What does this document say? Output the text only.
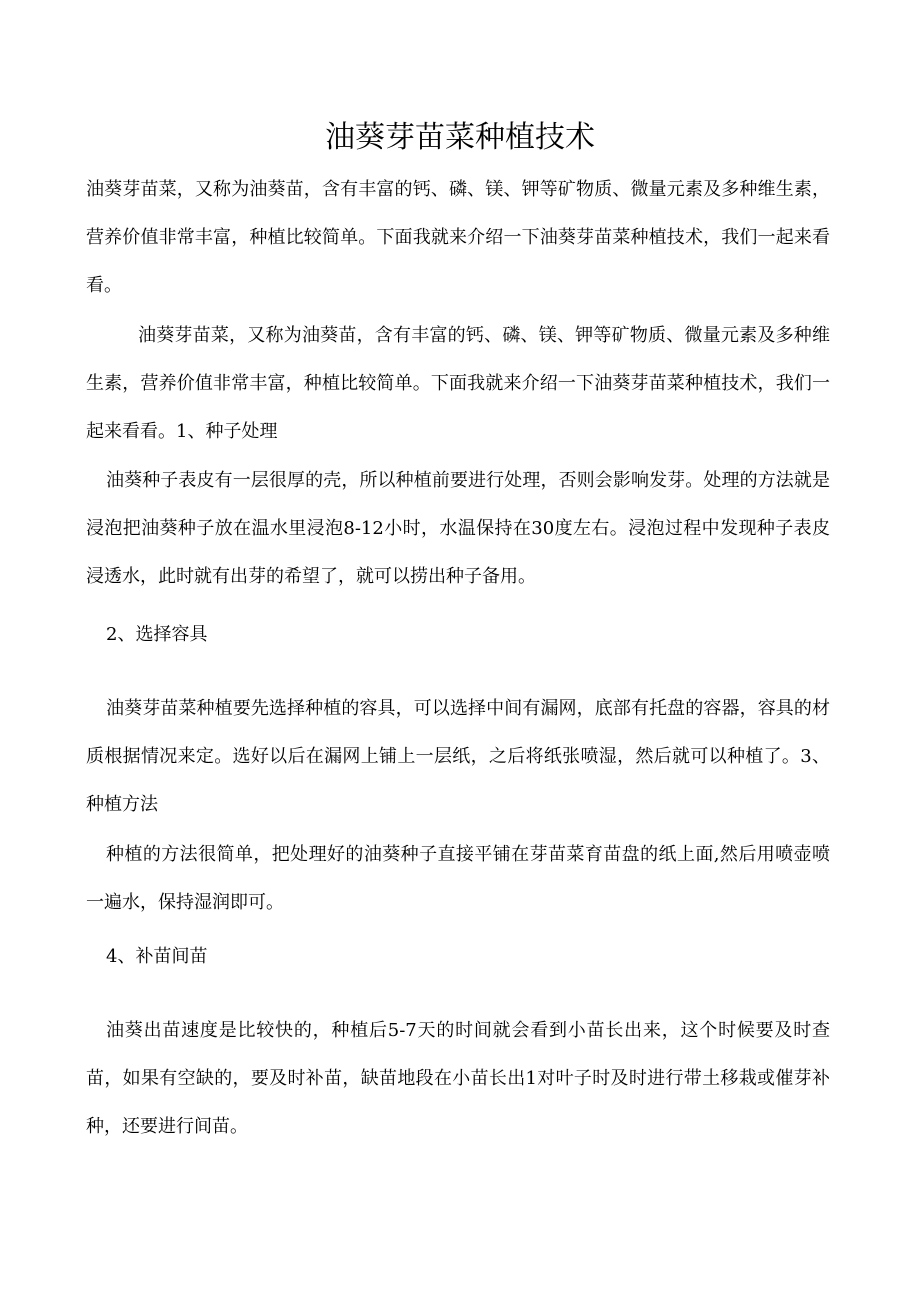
油葵芽苗菜种植技术

油葵芽苗菜，又称为油葵苗，含有丰富的钙、磷、镁、钾等矿物质、微量元素及多种维生素，营养价值非常丰富，种植比较简单。下面我就来介绍一下油葵芽苗菜种植技术，我们一起来看看。

油葵芽苗菜，又称为油葵苗，含有丰富的钙、磷、镁、钾等矿物质、微量元素及多种维生素，营养价值非常丰富，种植比较简单。下面我就来介绍一下油葵芽苗菜种植技术，我们一起来看看。1、种子处理

油葵种子表皮有一层很厚的壳，所以种植前要进行处理，否则会影响发芽。处理的方法就是浸泡把油葵种子放在温水里浸泡8-12小时，水温保持在30度左右。浸泡过程中发现种子表皮浸透水，此时就有出芽的希望了，就可以捞出种子备用。

2、选择容具

油葵芽苗菜种植要先选择种植的容具，可以选择中间有漏网，底部有托盘的容器，容具的材质根据情况来定。选好以后在漏网上铺上一层纸，之后将纸张喷湿，然后就可以种植了。3、种植方法

种植的方法很简单，把处理好的油葵种子直接平铺在芽苗菜育苗盘的纸上面,然后用喷壶喷一遍水，保持湿润即可。

4、补苗间苗

油葵出苗速度是比较快的，种植后5-7天的时间就会看到小苗长出来，这个时候要及时查苗，如果有空缺的，要及时补苗，缺苗地段在小苗长出1对叶子时及时进行带土移栽或催芽补种，还要进行间苗。
